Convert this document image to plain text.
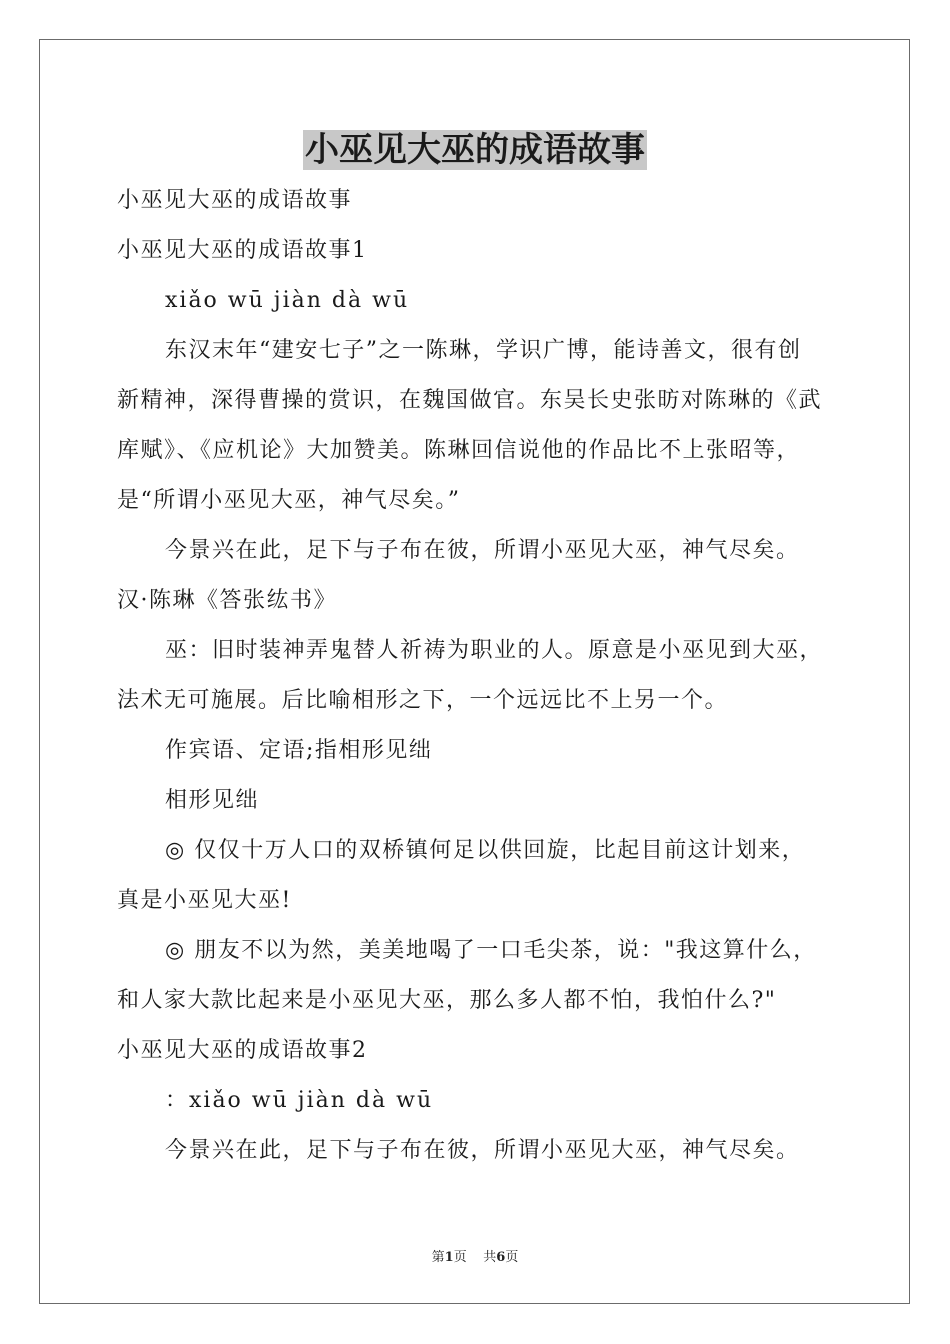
小巫见大巫的成语故事

小巫见大巫的成语故事

小巫见大巫的成语故事1

xiǎo wū jiàn dà wū

东汉末年“建安七子”之一陈琳，学识广博，能诗善文，很有创

新精神，深得曹操的赏识，在魏国做官。东吴长史张昉对陈琳的《武

库赋》、《应机论》大加赞美。陈琳回信说他的作品比不上张昭等，

是“所谓小巫见大巫，神气尽矣。”

今景兴在此，足下与子布在彼，所谓小巫见大巫，神气尽矣。

汉·陈琳《答张纮书》

巫：旧时装神弄鬼替人祈祷为职业的人。原意是小巫见到大巫，

法术无可施展。后比喻相形之下，一个远远比不上另一个。

作宾语、定语;指相形见绌

相形见绌

◎ 仅仅十万人口的双桥镇何足以供回旋，比起目前这计划来，

真是小巫见大巫!

◎ 朋友不以为然，美美地喝了一口毛尖茶，说："我这算什么，

和人家大款比起来是小巫见大巫，那么多人都不怕，我怕什么?"

小巫见大巫的成语故事2

：xiǎo wū jiàn dà wū

今景兴在此，足下与子布在彼，所谓小巫见大巫，神气尽矣。

第1页 共6页
